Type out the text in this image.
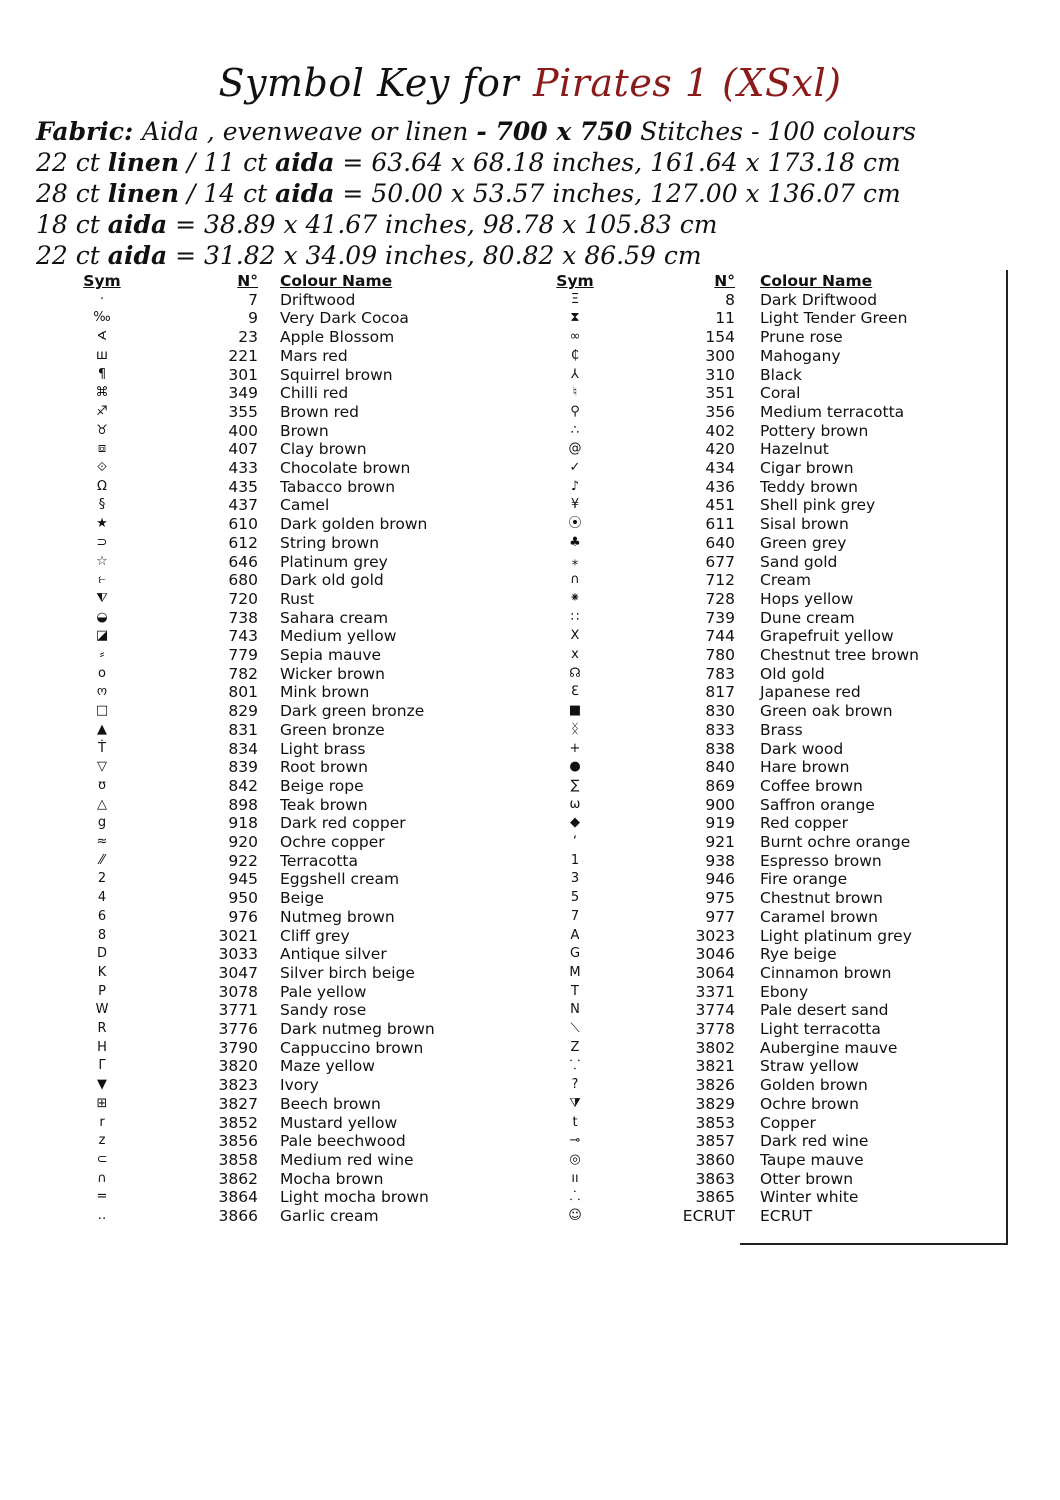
Symbol Key for Pirates 1 (XSxl)
Fabric: Aida , evenweave or linen - 700 x 750 Stitches - 100 colours
22 ct linen / 11 ct aida = 63.64 x 68.18 inches, 161.64 x 173.18 cm
28 ct linen / 14 ct aida = 50.00 x 53.57 inches, 127.00 x 136.07 cm
18 ct aida = 38.89 x 41.67 inches, 98.78 x 105.83 cm
22 ct aida = 31.82 x 34.09 inches, 80.82 x 86.59 cm
Sym	N° Colour Name	Sym	N° Colour Name
·	7 Driftwood	Ξ	8 Dark Driftwood
‰	9 Very Dark Cocoa	⧗	11 Light Tender Green
∢	23 Apple Blossom	∞	154 Prune rose
ш	221 Mars red	₵	300 Mahogany
¶	301 Squirrel brown	⅄	310 Black
⌘	349 Chilli red	♮	351 Coral
♐	355 Brown red	⚲	356 Medium terracotta
♉	400 Brown	∴	402 Pottery brown
⧈	407 Clay brown	@	420 Hazelnut
⟐	433 Chocolate brown	✓	434 Cigar brown
Ω	435 Tabacco brown	♪	436 Teddy brown
§	437 Camel	¥	451 Shell pink grey
★	610 Dark golden brown	⦿	611 Sisal brown
⊃	612 String brown	♣	640 Green grey
☆	646 Platinum grey	⁎	677 Sand gold
⥼	680 Dark old gold	∩	712 Cream
⧨	720 Rust	⁕	728 Hops yellow
◒	738 Sahara cream	∷	739 Dune cream
◪	743 Medium yellow	ⵝ	744 Grapefruit yellow
⸗	779 Sepia mauve	x	780 Chestnut tree brown
o	782 Wicker brown	☊	783 Old gold
ო	801 Mink brown	ℇ	817 Japanese red
□	829 Dark green bronze	■	830 Green oak brown
▲	831 Green bronze	ᛝ	833 Brass
Ṫ	834 Light brass	+	838 Dark wood
▽	839 Root brown	●	840 Hare brown
ʊ	842 Beige rope	∑	869 Coffee brown
△	898 Teak brown	ω	900 Saffron orange
g	918 Dark red copper	◆	919 Red copper
≈	920 Ochre copper	ʻ	921 Burnt ochre orange
⁄⁄	922 Terracotta	1	938 Espresso brown
2	945 Eggshell cream	3	946 Fire orange
4	950 Beige	5	975 Chestnut brown
6	976 Nutmeg brown	7	977 Caramel brown
8	3021 Cliff grey	A	3023 Light platinum grey
D	3033 Antique silver	G	3046 Rye beige
K	3047 Silver birch beige	M	3064 Cinnamon brown
P	3078 Pale yellow	T	3371 Ebony
W	3771 Sandy rose	N	3774 Pale desert sand
R	3776 Dark nutmeg brown	⟍	3778 Light terracotta
H	3790 Cappuccino brown	Z	3802 Aubergine mauve
Γ	3820 Maze yellow	⸪	3821 Straw yellow
▼	3823 Ivory	?	3826 Golden brown
⊞	3827 Beech brown	⧩	3829 Ochre brown
r	3852 Mustard yellow	t	3853 Copper
z	3856 Pale beechwood	⊸	3857 Dark red wine
⊂	3858 Medium red wine	◎	3860 Taupe mauve
∩	3862 Mocha brown	ıı	3863 Otter brown
=	3864 Light mocha brown	⸫	3865 Winter white
‥	3866 Garlic cream	☺	ECRUT ECRUT
